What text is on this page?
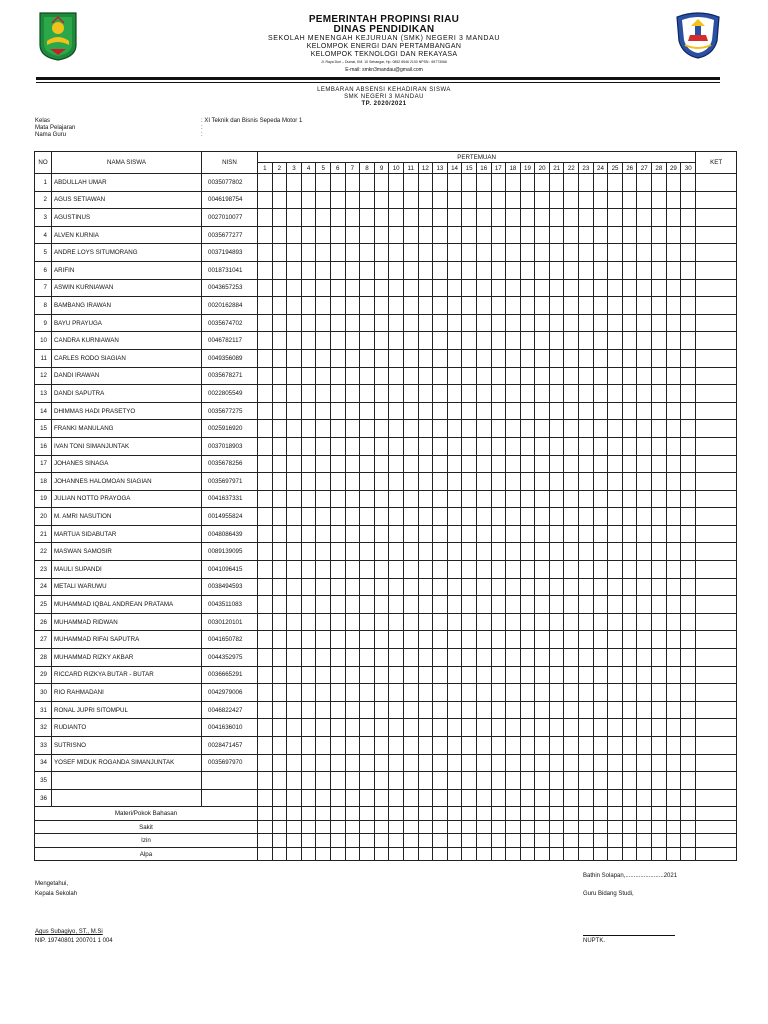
PEMERINTAH PROPINSI RIAU
DINAS PENDIDIKAN
SEKOLAH MENENGAH KEJURUAN (SMK) NEGERI 3 MANDAU
KELOMPOK ENERGI DAN PERTAMBANGAN
KELOMPOK TEKNOLOGI DAN REKAYASA
Jl. Raya Duri – Dumai, KM. 10 Sebangar, Hp. 0852 6546 2100 NPSN : 69773066
E-mail: smkn3mandau@gmail.com
LEMBARAN ABSENSI KEHADIRAN SISWA
SMK NEGERI 3 MANDAU
TP. 2020/2021
Kelas	: XI Teknik dan Bisnis Sepeda Motor 1
Mata Pelajaran	:
Nama Guru	:
NO	NAMA SISWA	NISN	PERTEMUAN																														KET
			1	2	3	4	5	6	7	8	9	10	11	12	13	14	15	16	17	18	19	20	21	22	23	24	25	26	27	28	29	30	
1	ABDULLAH UMAR	0035077802																															
2	AGUS SETIAWAN	0046198754																															
3	AGUSTINUS	0027010077																															
4	ALVEN KURNIA	0035677277																															
5	ANDRE LOYS SITUMORANG	0037194893																															
6	ARIFIN	0018731041																															
7	ASWIN KURNIAWAN	0043657253																															
8	BAMBANG IRAWAN	0020162884																															
9	BAYU PRAYUGA	0035674702																															
10	CANDRA KURNIAWAN	0046782117																															
11	CARLES RODO SIAGIAN	0049356089																															
12	DANDI IRAWAN	0035678271																															
13	DANDI SAPUTRA	0022805549																															
14	DHIMMAS HADI PRASETYO	0035677275																															
15	FRANKI MANULANG	0025916920																															
16	IVAN TONI SIMANJUNTAK	0037018903																															
17	JOHANES SINAGA	0035678256																															
18	JOHANNES HALOMOAN SIAGIAN	0035697971																															
19	JULIAN NOTTO PRAYOGA	0041637331																															
20	M. AMRI NASUTION	0014955824																															
21	MARTUA SIDABUTAR	0048086439																															
22	MASWAN SAMOSIR	0089139095																															
23	MAULI SUPANDI	0041096415																															
24	METALI WARUWU	0038494593																															
25	MUHAMMAD IQBAL ANDREAN PRATAMA	0043511083																															
26	MUHAMMAD RIDWAN	0030120101																															
27	MUHAMMAD RIFAI SAPUTRA	0041650782																															
28	MUHAMMAD RIZKY AKBAR	0044352975																															
29	RICCARD RIZKYA BUTAR - BUTAR	0036665291																															
30	RIO RAHMADANI	0042979006																															
31	RONAL JUPRI SITOMPUL	0046822427																															
32	RUDIANTO	0041636010																															
33	SUTRISNO	0028471457																															
34	YOSEF MIDUK ROGANDA SIMANJUNTAK	0035697970																															
35																																	
36																																	
Materi/Pokok Bahasan																																	
Sakit																																	
Izin																																	
Alpa																																	
Bathin Solapan,.......................2021
Guru Bidang Studi,
NUPTK.
Mengetahui,
Kepala Sekolah
Agus Subagiyo, ST., M.Si
NIP. 19740801 200701 1 004
